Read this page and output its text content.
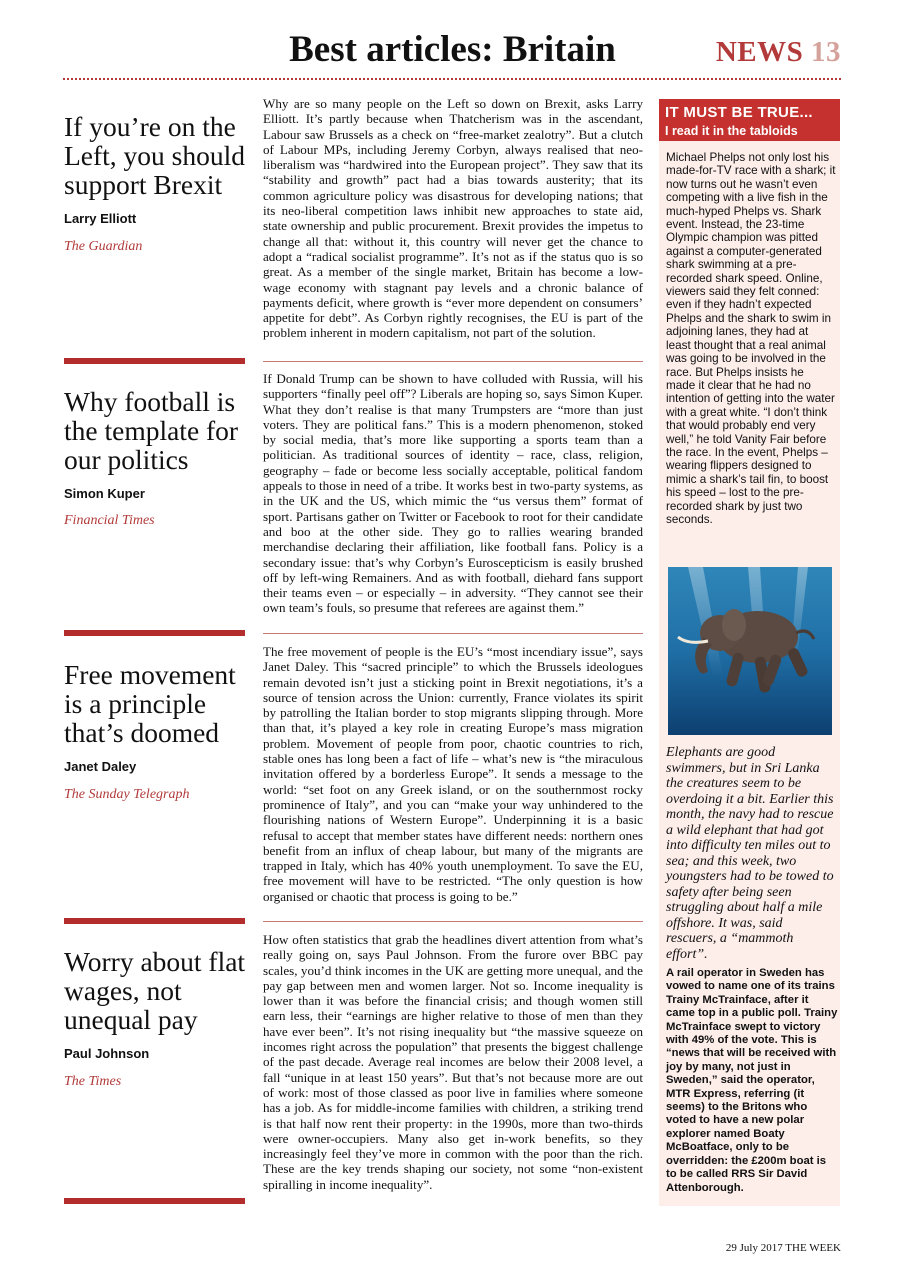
Best articles: Britain	NEWS 13
If you’re on the Left, you should support Brexit
Larry Elliott
The Guardian

Why are so many people on the Left so down on Brexit, asks Larry Elliott. It’s partly because when Thatcherism was in the ascendant, Labour saw Brussels as a check on “free-market zealotry”. But a clutch of Labour MPs, including Jeremy Corbyn, always realised that neo-liberalism was “hardwired into the European project”. They saw that its “stability and growth” pact had a bias towards austerity; that its common agriculture policy was disastrous for developing nations; that its neo-liberal competition laws inhibit new approaches to state aid, state ownership and public procurement. Brexit provides the impetus to change all that: without it, this country will never get the chance to adopt a “radical socialist programme”. It’s not as if the status quo is so great. As a member of the single market, Britain has become a low-wage economy with stagnant pay levels and a chronic balance of payments deficit, where growth is “ever more dependent on consumers’ appetite for debt”. As Corbyn rightly recognises, the EU is part of the problem inherent in modern capitalism, not part of the solution.

Why football is the template for our politics
Simon Kuper
Financial Times

If Donald Trump can be shown to have colluded with Russia, will his supporters “finally peel off”? Liberals are hoping so, says Simon Kuper. What they don’t realise is that many Trumpsters are “more than just voters. They are political fans.” This is a modern phenomenon, stoked by social media, that’s more like supporting a sports team than a politician. As traditional sources of identity – race, class, religion, geography – fade or become less socially acceptable, political fandom appeals to those in need of a tribe. It works best in two-party systems, as in the UK and the US, which mimic the “us versus them” format of sport. Partisans gather on Twitter or Facebook to root for their candidate and boo at the other side. They go to rallies wearing branded merchandise declaring their affiliation, like football fans. Policy is a secondary issue: that’s why Corbyn’s Euroscepticism is easily brushed off by left-wing Remainers. And as with football, diehard fans support their teams even – or especially – in adversity. “They cannot see their own team’s fouls, so presume that referees are against them.”

Free movement is a principle that’s doomed
Janet Daley
The Sunday Telegraph

The free movement of people is the EU’s “most incendiary issue”, says Janet Daley. This “sacred principle” to which the Brussels ideologues remain devoted isn’t just a sticking point in Brexit negotiations, it’s a source of tension across the Union: currently, France violates its spirit by patrolling the Italian border to stop migrants slipping through. More than that, it’s played a key role in creating Europe’s mass migration problem. Movement of people from poor, chaotic countries to rich, stable ones has long been a fact of life – what’s new is “the miraculous invitation offered by a borderless Europe”. It sends a message to the world: “set foot on any Greek island, or on the southernmost rocky prominence of Italy”, and you can “make your way unhindered to the flourishing nations of Western Europe”. Underpinning it is a basic refusal to accept that member states have different needs: northern ones benefit from an influx of cheap labour, but many of the migrants are trapped in Italy, which has 40% youth unemployment. To save the EU, free movement will have to be restricted. “The only question is how organised or chaotic that process is going to be.”

Worry about flat wages, not unequal pay
Paul Johnson
The Times

How often statistics that grab the headlines divert attention from what’s really going on, says Paul Johnson. From the furore over BBC pay scales, you’d think incomes in the UK are getting more unequal, and the pay gap between men and women larger. Not so. Income inequality is lower than it was before the financial crisis; and though women still earn less, their “earnings are higher relative to those of men than they have ever been”. It’s not rising inequality but “the massive squeeze on incomes right across the population” that presents the biggest challenge of the past decade. Average real incomes are below their 2008 level, a fall “unique in at least 150 years”. But that’s not because more are out of work: most of those classed as poor live in families where someone has a job. As for middle-income families with children, a striking trend is that half now rent their property: in the 1990s, more than two-thirds were owner-occupiers. Many also get in-work benefits, so they increasingly feel they’ve more in common with the poor than the rich. These are the key trends shaping our society, not some “non-existent spiralling in income inequality”.

IT MUST BE TRUE...
I read it in the tabloids

Michael Phelps not only lost his made-for-TV race with a shark; it now turns out he wasn’t even competing with a live fish in the much-hyped Phelps vs. Shark event. Instead, the 23-time Olympic champion was pitted against a computer-generated shark swimming at a pre-recorded shark speed. Online, viewers said they felt conned: even if they hadn’t expected Phelps and the shark to swim in adjoining lanes, they had at least thought that a real animal was going to be involved in the race. But Phelps insists he made it clear that he had no intention of getting into the water with a great white. “I don’t think that would probably end very well,” he told Vanity Fair before the race. In the event, Phelps – wearing flippers designed to mimic a shark’s tail fin, to boost his speed – lost to the pre-recorded shark by just two seconds.

Elephants are good swimmers, but in Sri Lanka the creatures seem to be overdoing it a bit. Earlier this month, the navy had to rescue a wild elephant that had got into difficulty ten miles out to sea; and this week, two youngsters had to be towed to safety after being seen struggling about half a mile offshore. It was, said rescuers, a “mammoth effort”.

A rail operator in Sweden has vowed to name one of its trains Trainy McTrainface, after it came top in a public poll. Trainy McTrainface swept to victory with 49% of the vote. This is “news that will be received with joy by many, not just in Sweden,” said the operator, MTR Express, referring (it seems) to the Britons who voted to have a new polar explorer named Boaty McBoatface, only to be overridden: the £200m boat is to be called RRS Sir David Attenborough.

29 July 2017 THE WEEK
